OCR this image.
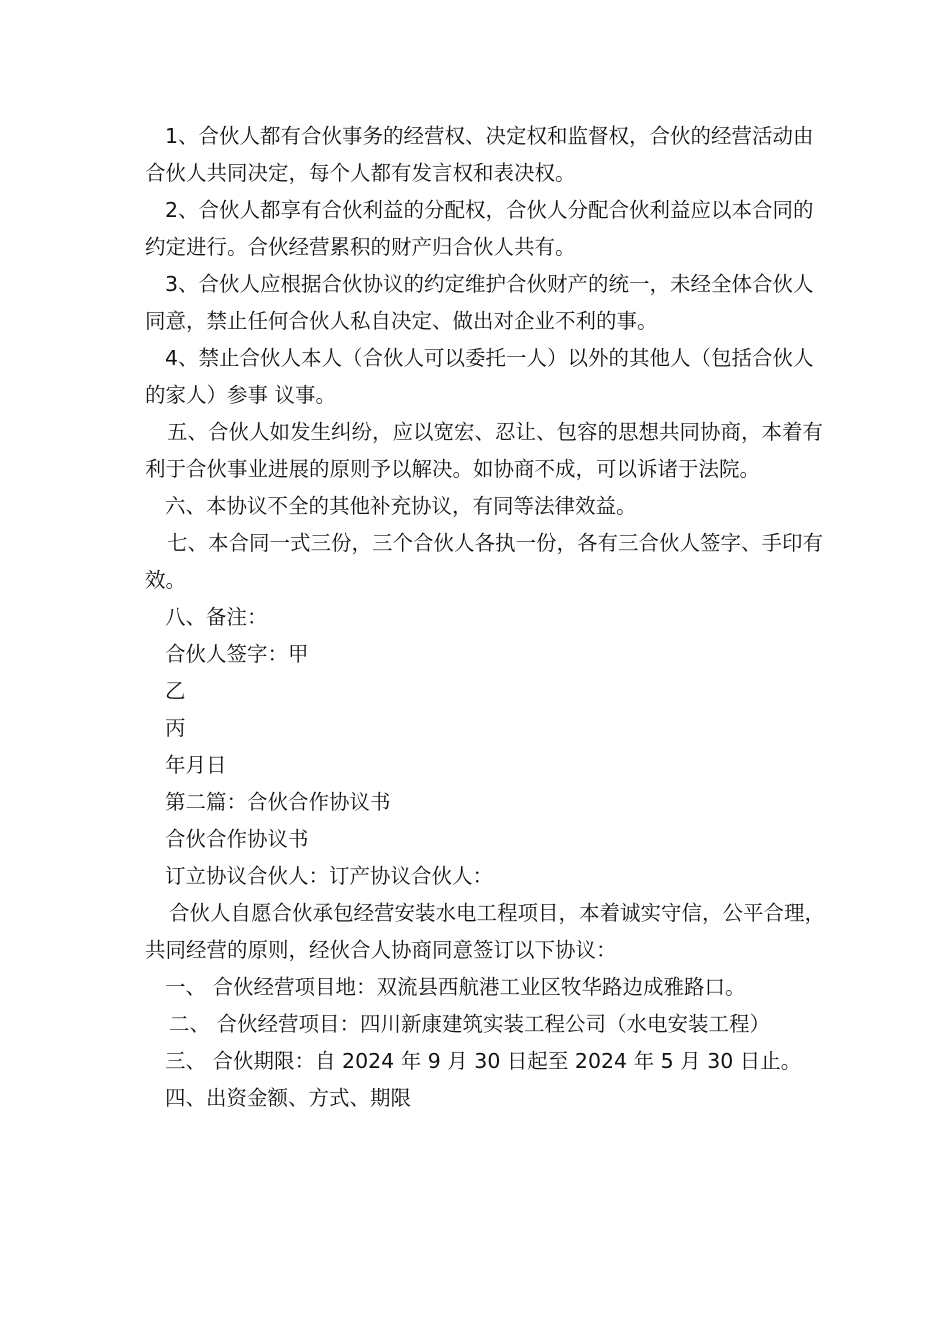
1、合伙人都有合伙事务的经营权、决定权和监督权，合伙的经营活动由合伙人共同决定，每个人都有发言权和表决权。

2、合伙人都享有合伙利益的分配权，合伙人分配合伙利益应以本合同的约定进行。合伙经营累积的财产归合伙人共有。

3、合伙人应根据合伙协议的约定维护合伙财产的统一，未经全体合伙人同意，禁止任何合伙人私自决定、做出对企业不利的事。

4、禁止合伙人本人（合伙人可以委托一人）以外的其他人（包括合伙人的家人）参事 议事。

五、合伙人如发生纠纷，应以宽宏、忍让、包容的思想共同协商，本着有利于合伙事业进展的原则予以解决。如协商不成，可以诉诸于法院。

六、本协议不全的其他补充协议，有同等法律效益。

七、本合同一式三份，三个合伙人各执一份，各有三合伙人签字、手印有效。

八、备注：

合伙人签字：甲

乙

丙

年月日

第二篇：合伙合作协议书

合伙合作协议书

订立协议合伙人：订产协议合伙人：

合伙人自愿合伙承包经营安装水电工程项目，本着诚实守信，公平合理，共同经营的原则，经伙合人协商同意签订以下协议：

一、 合伙经营项目地：双流县西航港工业区牧华路边成雅路口。

二、 合伙经营项目：四川新康建筑实装工程公司（水电安装工程）

三、 合伙期限：自 2024 年 9 月 30 日起至 2024 年 5 月 30 日止。

四、出资金额、方式、期限
